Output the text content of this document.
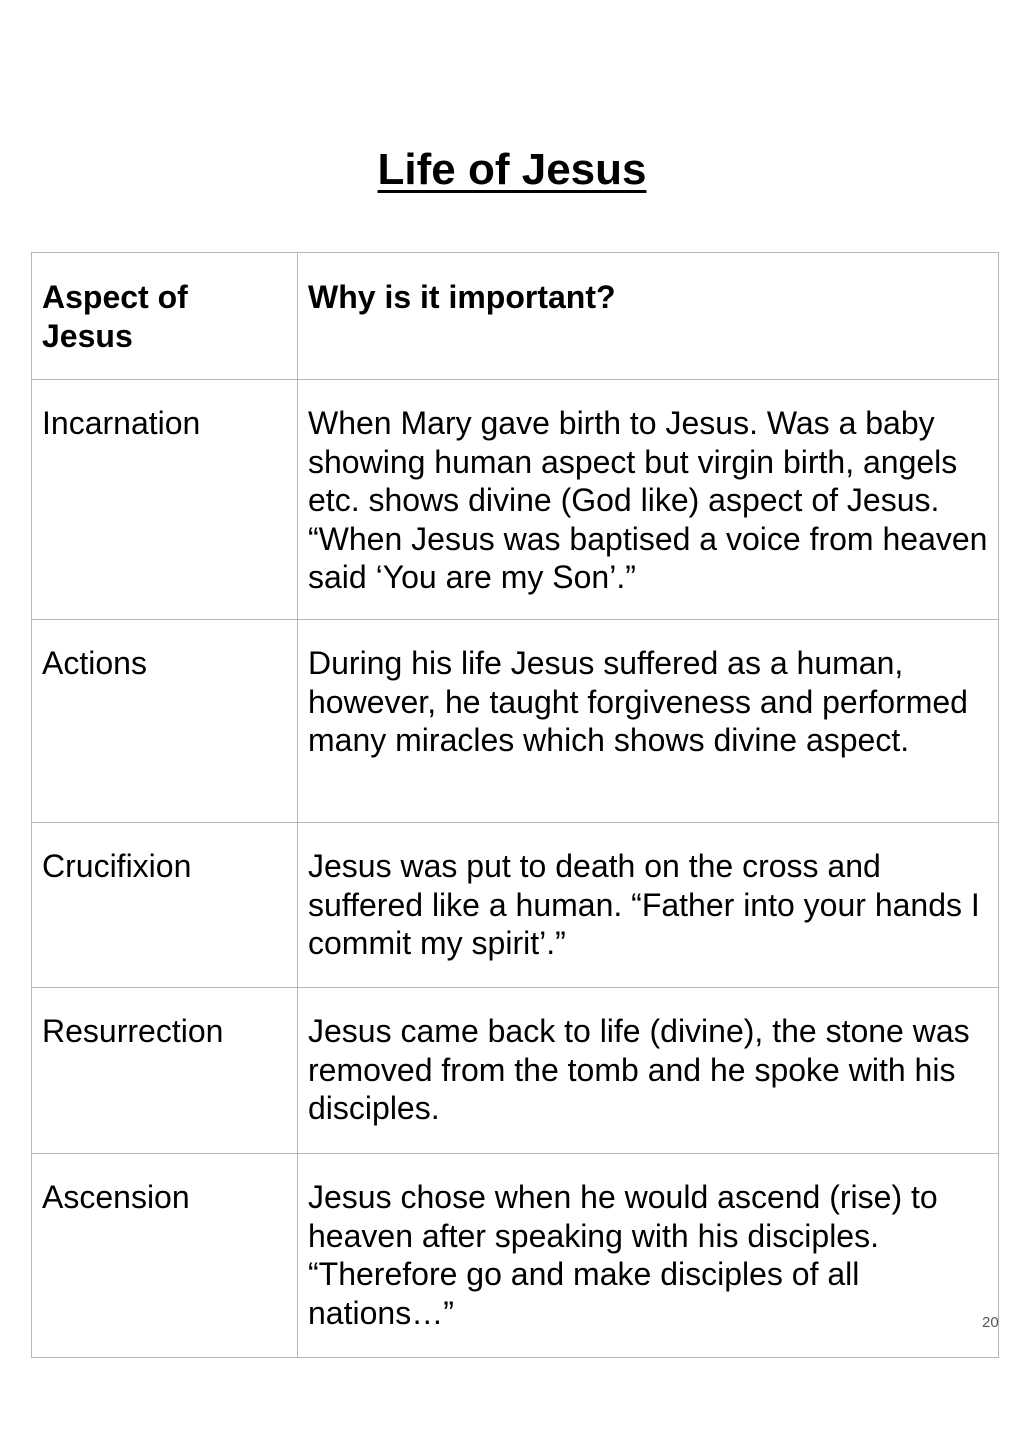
Life of Jesus
Aspect of Jesus	Why is it important?
Incarnation	When Mary gave birth to Jesus. Was a baby showing human aspect but virgin birth, angels etc. shows divine (God like) aspect of Jesus. “When Jesus was baptised a voice from heaven said ‘You are my Son’.”
Actions	During his life Jesus suffered as a human, however, he taught forgiveness and performed many miracles which shows divine aspect.
Crucifixion	Jesus was put to death on the cross and suffered like a human. “Father into your hands I commit my spirit’.”
Resurrection	Jesus came back to life (divine), the stone was removed from the tomb and he spoke with his disciples.
Ascension	Jesus chose when he would ascend (rise) to heaven after speaking with his disciples. “Therefore go and make disciples of all nations…”	20
